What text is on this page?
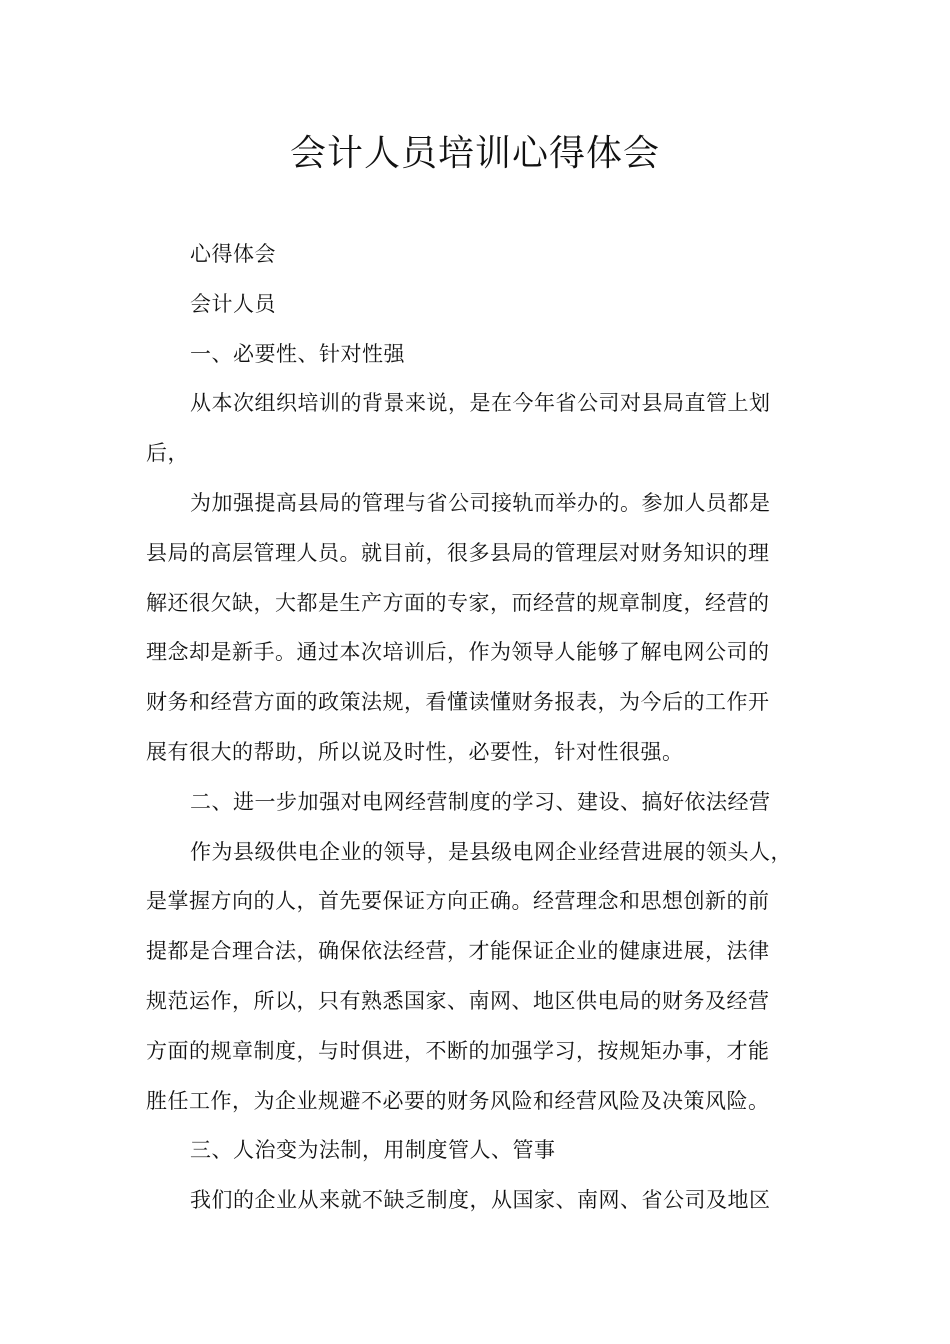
会计人员培训心得体会
心得体会
会计人员
一、必要性、针对性强
从本次组织培训的背景来说，是在今年省公司对县局直管上划
后，
为加强提高县局的管理与省公司接轨而举办的。参加人员都是
县局的高层管理人员。就目前，很多县局的管理层对财务知识的理
解还很欠缺，大都是生产方面的专家，而经营的规章制度，经营的
理念却是新手。通过本次培训后，作为领导人能够了解电网公司的
财务和经营方面的政策法规，看懂读懂财务报表，为今后的工作开
展有很大的帮助，所以说及时性，必要性，针对性很强。
二、进一步加强对电网经营制度的学习、建设、搞好依法经营
作为县级供电企业的领导，是县级电网企业经营进展的领头人，
是掌握方向的人，首先要保证方向正确。经营理念和思想创新的前
提都是合理合法，确保依法经营，才能保证企业的健康进展，法律
规范运作，所以，只有熟悉国家、南网、地区供电局的财务及经营
方面的规章制度，与时俱进，不断的加强学习，按规矩办事，才能
胜任工作，为企业规避不必要的财务风险和经营风险及决策风险。
三、人治变为法制，用制度管人、管事
我们的企业从来就不缺乏制度，从国家、南网、省公司及地区
